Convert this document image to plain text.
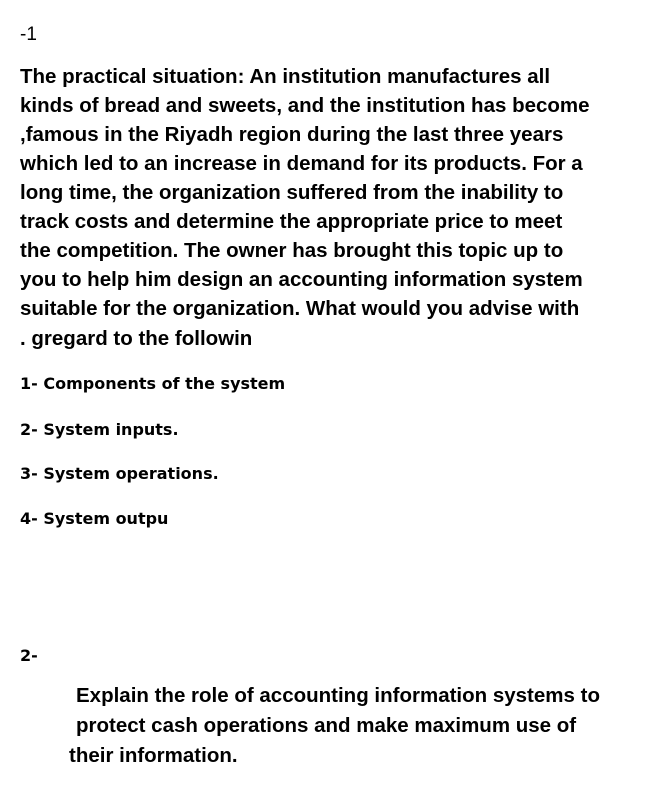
-1
The practical situation: An institution manufactures all
kinds of bread and sweets, and the institution has become
,famous in the Riyadh region during the last three years
which led to an increase in demand for its products. For a
long time, the organization suffered from the inability to
track costs and determine the appropriate price to meet
the competition. The owner has brought this topic up to
you to help him design an accounting information system
suitable for the organization. What would you advise with
. gregard to the followin
1- Components of the system
2- System inputs.
3- System operations.
4- System outpu
2-
Explain the role of accounting information systems to
protect cash operations and make maximum use of
their information.
